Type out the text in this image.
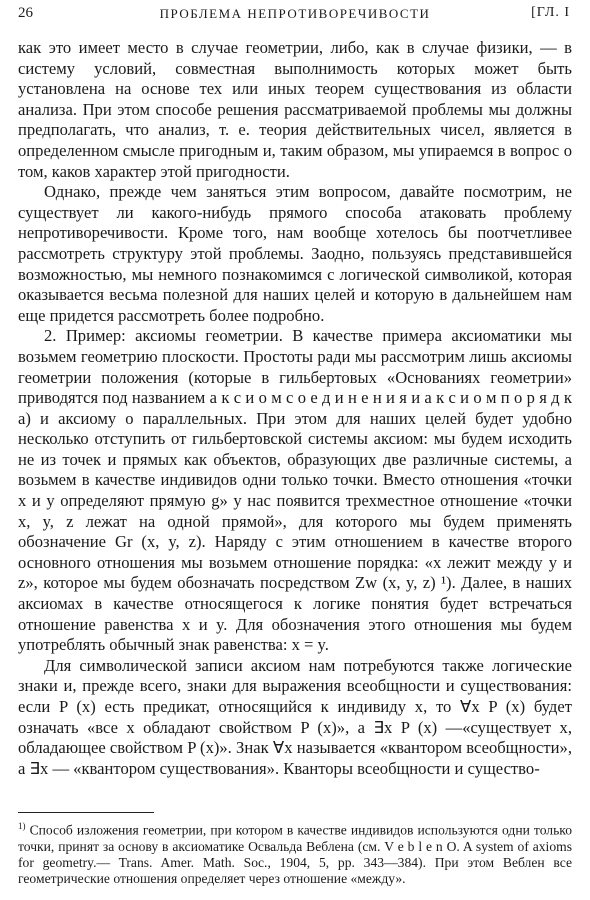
26	ПРОБЛЕМА НЕПРОТИВОРЕЧИВОСТИ	[ГЛ. I

как это имеет место в случае геометрии, либо, как в случае физики, — в систему условий, совместная выполнимость которых может быть установлена на основе тех или иных теорем существования из области анализа. При этом способе решения рассматриваемой проблемы мы должны предполагать, что анализ, т. е. теория действительных чисел, является в определенном смысле пригодным и, таким образом, мы упираемся в вопрос о том, каков характер этой пригодности.

Однако, прежде чем заняться этим вопросом, давайте посмотрим, не существует ли какого-нибудь прямого способа атаковать проблему непротиворечивости. Кроме того, нам вообще хотелось бы поотчетливее рассмотреть структуру этой проблемы. Заодно, пользуясь представившейся возможностью, мы немного познакомимся с логической символикой, которая оказывается весьма полезной для наших целей и которую в дальнейшем нам еще придется рассмотреть более подробно.

2. Пример: аксиомы геометрии. В качестве примера аксиоматики мы возьмем геометрию плоскости. Простоты ради мы рассмотрим лишь аксиомы геометрии положения (которые в гильбертовых «Основаниях геометрии» приводятся под названием а к с и о м с о е д и н е н и я и а к с и о м п о р я д к а) и аксиому о параллельных. При этом для наших целей будет удобно несколько отступить от гильбертовской системы аксиом: мы будем исходить не из точек и прямых как объектов, образующих две различные системы, а возьмем в качестве индивидов одни только точки. Вместо отношения «точки x и y определяют прямую g» у нас появится трехместное отношение «точки x, y, z лежат на одной прямой», для которого мы будем применять обозначение Gr (x, y, z). Наряду с этим отношением в качестве второго основного отношения мы возьмем отношение порядка: «x лежит между y и z», которое мы будем обозначать посредством Zw (x, y, z) ¹). Далее, в наших аксиомах в качестве относящегося к логике понятия будет встречаться отношение равенства x и y. Для обозначения этого отношения мы будем употреблять обычный знак равенства: x = y.

Для символической записи аксиом нам потребуются также логические знаки и, прежде всего, знаки для выражения всеобщности и существования: если P (x) есть предикат, относящийся к индивиду x, то ∀x P (x) будет означать «все x обладают свойством P (x)», а ∃x P (x) —«существует x, обладающее свойством P (x)». Знак ∀x называется «квантором всеобщности», а ∃x — «квантором существования». Кванторы всеобщности и существо-

$^{1)}$ Способ изложения геометрии, при котором в качестве индивидов используются одни только точки, принят за основу в аксиоматике Освальда Веблена (см. V e b l e n O. A system of axioms for geometry.— Trans. Amer. Math. Soc., 1904, 5, pp. 343—384). При этом Веблен все геометрические отношения определяет через отношение «между».
